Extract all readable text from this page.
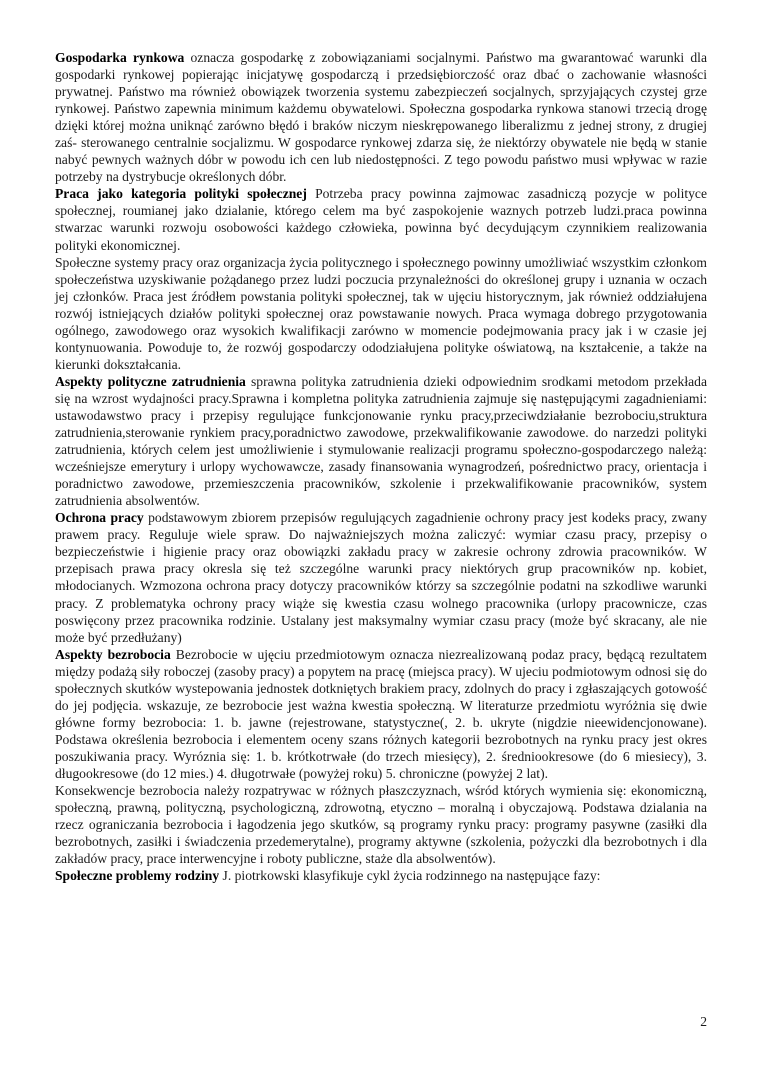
Gospodarka rynkowa oznacza gospodarkę z zobowiązaniami socjalnymi. Państwo ma gwarantować warunki dla gospodarki rynkowej popierając inicjatywę gospodarczą i przedsiębiorczość oraz dbać o zachowanie własności prywatnej. Państwo ma również obowiązek tworzenia systemu zabezpieczeń socjalnych, sprzyjających czystej grze rynkowej. Państwo zapewnia minimum każdemu obywatelowi. Społeczna gospodarka rynkowa stanowi trzecią drogę dzięki której można uniknąć zarówno błędó i braków niczym nieskrępowanego liberalizmu z jednej strony, z drugiej zaś- sterowanego centralnie socjalizmu. W gospodarce rynkowej zdarza się, że niektórzy obywatele nie będą w stanie nabyć pewnych ważnych dóbr w powodu ich cen lub niedostępności. Z tego powodu państwo musi wpływac w razie potrzeby na dystrybucje określonych dóbr.

Praca jako kategoria polityki społecznej Potrzeba pracy powinna zajmowac zasadniczą pozycje w polityce społecznej, roumianej jako dzialanie, którego celem ma być zaspokojenie waznych potrzeb ludzi.praca powinna stwarzac warunki rozwoju osobowości każdego człowieka, powinna być decydującym czynnikiem realizowania polityki ekonomicznej.

Społeczne systemy pracy oraz organizacja życia politycznego i społecznego powinny umożliwiać wszystkim członkom społeczeństwa uzyskiwanie pożądanego przez ludzi poczucia przynależności do określonej grupy i uznania w oczach jej członków. Praca jest źródłem powstania polityki społecznej, tak w ujęciu historycznym, jak również oddziałujena rozwój istniejących działów polityki społecznej oraz powstawanie nowych. Praca wymaga dobrego przygotowania ogólnego, zawodowego oraz wysokich kwalifikacji zarówno w momencie podejmowania pracy jak i w czasie jej kontynuowania. Powoduje to, że rozwój gospodarczy ododziałujena polityke oświatową, na kształcenie, a także na kierunki dokształcania.

Aspekty polityczne zatrudnienia sprawna polityka zatrudnienia dzieki odpowiednim srodkami metodom przekłada się na wzrost wydajności pracy.Sprawna i kompletna polityka zatrudnienia zajmuje się następującymi zagadnieniami: ustawodawstwo pracy i przepisy regulujące funkcjonowanie rynku pracy,przeciwdziałanie bezrobociu,struktura zatrudnienia,sterowanie rynkiem pracy,poradnictwo zawodowe, przekwalifikowanie zawodowe. do narzedzi polityki zatrudnienia, których celem jest umożliwienie i stymulowanie realizacji programu społeczno-gospodarczego należą: wcześniejsze emerytury i urlopy wychowawcze, zasady finansowania wynagrodzeń, pośrednictwo pracy, orientacja i poradnictwo zawodowe, przemieszczenia pracowników, szkolenie i przekwalifikowanie pracowników, system zatrudnienia absolwentów.

Ochrona pracy podstawowym zbiorem przepisów regulujących zagadnienie ochrony pracy jest kodeks pracy, zwany prawem pracy. Reguluje wiele spraw. Do najważniejszych można zaliczyć: wymiar czasu pracy, przepisy o bezpieczeństwie i higienie pracy oraz obowiązki zakładu pracy w zakresie ochrony zdrowia pracowników. W przepisach prawa pracy okresla się też szczególne warunki pracy niektórych grup pracowników np. kobiet, młodocianych. Wzmozona ochrona pracy dotyczy pracowników którzy sa szczególnie podatni na szkodliwe warunki pracy. Z problematyka ochrony pracy wiąże się kwestia czasu wolnego pracownika (urlopy pracownicze, czas poswięcony przez pracownika rodzinie. Ustalany jest maksymalny wymiar czasu pracy (może być skracany, ale nie może być przedłużany)

Aspekty bezrobocia Bezrobocie w ujęciu przedmiotowym oznacza niezrealizowaną podaz pracy, będącą rezultatem między podażą siły roboczej (zasoby pracy) a popytem na pracę (miejsca pracy). W ujeciu podmiotowym odnosi się do społecznych skutków wystepowania jednostek dotkniętych brakiem pracy, zdolnych do pracy i zgłaszających gotowość do jej podjęcia. wskazuje, ze bezrobocie jest ważna kwestia społeczną. W literaturze przedmiotu wyróżnia się dwie główne formy bezrobocia: 1. b. jawne (rejestrowane, statystyczne(, 2. b. ukryte (nigdzie nieewidencjonowane). Podstawa określenia bezrobocia i elementem oceny szans różnych kategorii bezrobotnych na rynku pracy jest okres poszukiwania pracy. Wyróznia się: 1. b. krótkotrwałe (do trzech miesięcy), 2. średniookresowe (do 6 miesiecy), 3. długookresowe (do 12 mies.) 4. długotrwałe (powyżej roku) 5. chroniczne (powyżej 2 lat).

Konsekwencje bezrobocia należy rozpatrywac w różnych płaszczyznach, wśród których wymienia się: ekonomiczną, społeczną, prawną, polityczną, psychologiczną, zdrowotną, etyczno – moralną i obyczajową. Podstawa dzialania na rzecz ograniczania bezrobocia i łagodzenia jego skutków, są programy rynku pracy: programy pasywne (zasiłki dla bezrobotnych, zasiłki i świadczenia przedemerytalne), programy aktywne (szkolenia, pożyczki dla bezrobotnych i dla zakładów pracy, prace interwencyjne i roboty publiczne, staże dla absolwentów).

Społeczne problemy rodziny J. piotrkowski klasyfikuje cykl życia rodzinnego na następujące fazy:

2
